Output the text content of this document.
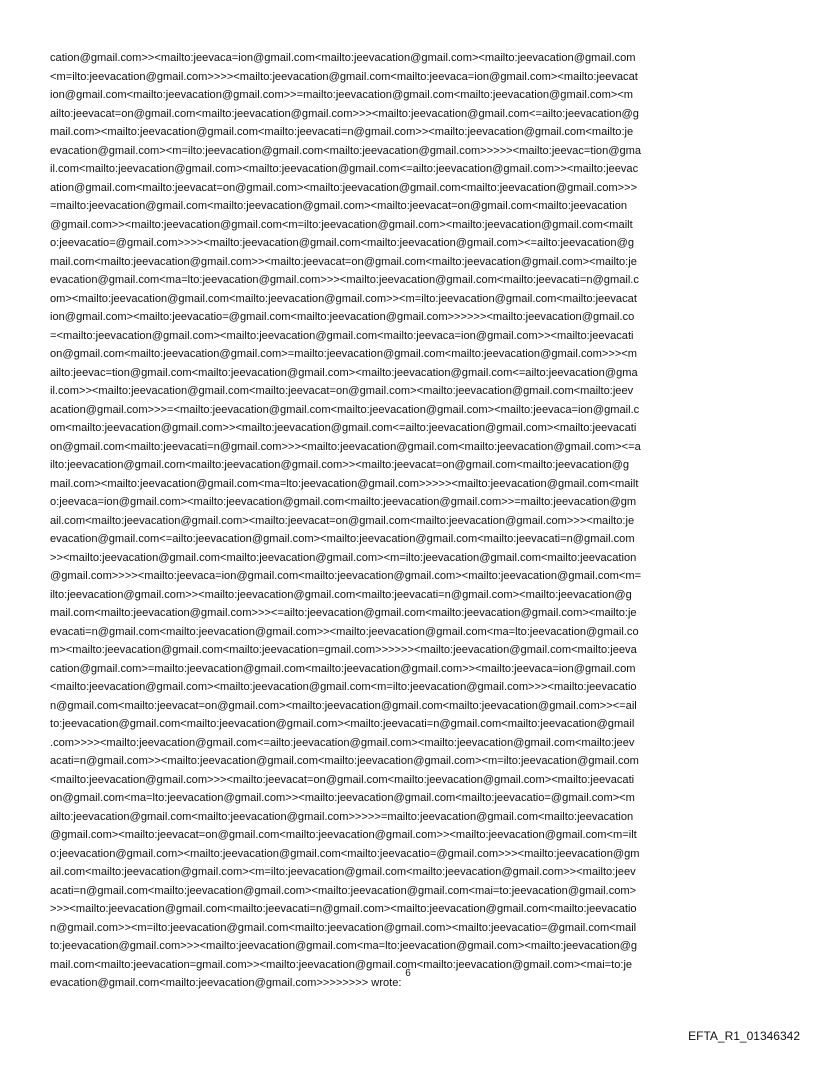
cation@gmail.com>><mailto:jeevaca=ion@gmail.com<mailto:jeevacation@gmail.com><mailto:jeevacation@gmail.com
<m=ilto:jeevacation@gmail.com>>>><mailto:jeevacation@gmail.com<mailto:jeevaca=ion@gmail.com><mailto:jeevacat
ion@gmail.com<mailto:jeevacation@gmail.com>>=mailto:jeevacation@gmail.com<mailto:jeevacation@gmail.com><m
ailto:jeevacat=on@gmail.com<mailto:jeevacation@gmail.com>>><mailto:jeevacation@gmail.com<=ailto:jeevacation@g
mail.com><mailto:jeevacation@gmail.com<mailto:jeevacati=n@gmail.com>><mailto:jeevacation@gmail.com<mailto:je
evacation@gmail.com><m=ilto:jeevacation@gmail.com<mailto:jeevacation@gmail.com>>>>><mailto:jeevac=tion@gma
il.com<mailto:jeevacation@gmail.com><mailto:jeevacation@gmail.com<=ailto:jeevacation@gmail.com>><mailto:jeevac
ation@gmail.com<mailto:jeevacat=on@gmail.com><mailto:jeevacation@gmail.com<mailto:jeevacation@gmail.com>>>
=mailto:jeevacation@gmail.com<mailto:jeevacation@gmail.com><mailto:jeevacat=on@gmail.com<mailto:jeevacation
@gmail.com>><mailto:jeevacation@gmail.com<m=ilto:jeevacation@gmail.com><mailto:jeevacation@gmail.com<mailt
o:jeevacatio=@gmail.com>>>><mailto:jeevacation@gmail.com<mailto:jeevacation@gmail.com><=ailto:jeevacation@g
mail.com<mailto:jeevacation@gmail.com>><mailto:jeevacat=on@gmail.com<mailto:jeevacation@gmail.com><mailto:je
evacation@gmail.com<ma=lto:jeevacation@gmail.com>>><mailto:jeevacation@gmail.com<mailto:jeevacati=n@gmail.c
om><mailto:jeevacation@gmail.com<mailto:jeevacation@gmail.com>><m=ilto:jeevacation@gmail.com<mailto:jeevacat
ion@gmail.com><mailto:jeevacatio=@gmail.com<mailto:jeevacation@gmail.com>>>>>><mailto:jeevacation@gmail.co
=<mailto:jeevacation@gmail.com><mailto:jeevacation@gmail.com<mailto:jeevaca=ion@gmail.com>><mailto:jeevacati
on@gmail.com<mailto:jeevacation@gmail.com>=mailto:jeevacation@gmail.com<mailto:jeevacation@gmail.com>>><m
ailto:jeevac=tion@gmail.com<mailto:jeevacation@gmail.com><mailto:jeevacation@gmail.com<=ailto:jeevacation@gma
il.com>><mailto:jeevacation@gmail.com<mailto:jeevacat=on@gmail.com><mailto:jeevacation@gmail.com<mailto:jeev
acation@gmail.com>>>=<mailto:jeevacation@gmail.com<mailto:jeevacation@gmail.com><mailto:jeevaca=ion@gmail.c
om<mailto:jeevacation@gmail.com>><mailto:jeevacation@gmail.com<=ailto:jeevacation@gmail.com><mailto:jeevacati
on@gmail.com<mailto:jeevacati=n@gmail.com>>><mailto:jeevacation@gmail.com<mailto:jeevacation@gmail.com><=a
ilto:jeevacation@gmail.com<mailto:jeevacation@gmail.com>><mailto:jeevacat=on@gmail.com<mailto:jeevacation@g
mail.com><mailto:jeevacation@gmail.com<ma=lto:jeevacation@gmail.com>>>>><mailto:jeevacation@gmail.com<mailt
o:jeevaca=ion@gmail.com><mailto:jeevacation@gmail.com<mailto:jeevacation@gmail.com>>=mailto:jeevacation@gm
ail.com<mailto:jeevacation@gmail.com><mailto:jeevacat=on@gmail.com<mailto:jeevacation@gmail.com>>><mailto:je
evacation@gmail.com<=ailto:jeevacation@gmail.com><mailto:jeevacation@gmail.com<mailto:jeevacati=n@gmail.com
>><mailto:jeevacation@gmail.com<mailto:jeevacation@gmail.com><m=ilto:jeevacation@gmail.com<mailto:jeevacation
@gmail.com>>>><mailto:jeevaca=ion@gmail.com<mailto:jeevacation@gmail.com><mailto:jeevacation@gmail.com<m=
ilto:jeevacation@gmail.com>><mailto:jeevacation@gmail.com<mailto:jeevacati=n@gmail.com><mailto:jeevacation@g
mail.com<mailto:jeevacation@gmail.com>>><=ailto:jeevacation@gmail.com<mailto:jeevacation@gmail.com><mailto:je
evacati=n@gmail.com<mailto:jeevacation@gmail.com>><mailto:jeevacation@gmail.com<ma=lto:jeevacation@gmail.co
m><mailto:jeevacation@gmail.com<mailto:jeevacation=gmail.com>>>>>><mailto:jeevacation@gmail.com<mailto:jeeva
cation@gmail.com>=mailto:jeevacation@gmail.com<mailto:jeevacation@gmail.com>><mailto:jeevaca=ion@gmail.com
<mailto:jeevacation@gmail.com><mailto:jeevacation@gmail.com<m=ilto:jeevacation@gmail.com>>><mailto:jeevacatio
n@gmail.com<mailto:jeevacat=on@gmail.com><mailto:jeevacation@gmail.com<mailto:jeevacation@gmail.com>><=ail
to:jeevacation@gmail.com<mailto:jeevacation@gmail.com><mailto:jeevacati=n@gmail.com<mailto:jeevacation@gmail
.com>>>><mailto:jeevacation@gmail.com<=ailto:jeevacation@gmail.com><mailto:jeevacation@gmail.com<mailto:jeev
acati=n@gmail.com>><mailto:jeevacation@gmail.com<mailto:jeevacation@gmail.com><m=ilto:jeevacation@gmail.com
<mailto:jeevacation@gmail.com>>><mailto:jeevacat=on@gmail.com<mailto:jeevacation@gmail.com><mailto:jeevacati
on@gmail.com<ma=lto:jeevacation@gmail.com>><mailto:jeevacation@gmail.com<mailto:jeevacatio=@gmail.com><m
ailto:jeevacation@gmail.com<mailto:jeevacation@gmail.com>>>>>=mailto:jeevacation@gmail.com<mailto:jeevacation
@gmail.com><mailto:jeevacat=on@gmail.com<mailto:jeevacation@gmail.com>><mailto:jeevacation@gmail.com<m=ilt
o:jeevacation@gmail.com><mailto:jeevacation@gmail.com<mailto:jeevacatio=@gmail.com>>><mailto:jeevacation@gm
ail.com<mailto:jeevacation@gmail.com><m=ilto:jeevacation@gmail.com<mailto:jeevacation@gmail.com>><mailto:jeev
acati=n@gmail.com<mailto:jeevacation@gmail.com><mailto:jeevacation@gmail.com<mai=to:jeevacation@gmail.com>
>>><mailto:jeevacation@gmail.com<mailto:jeevacati=n@gmail.com><mailto:jeevacation@gmail.com<mailto:jeevacatio
n@gmail.com>><m=ilto:jeevacation@gmail.com<mailto:jeevacation@gmail.com><mailto:jeevacatio=@gmail.com<mail
to:jeevacation@gmail.com>>><mailto:jeevacation@gmail.com<ma=lto:jeevacation@gmail.com><mailto:jeevacation@g
mail.com<mailto:jeevacation=gmail.com>><mailto:jeevacation@gmail.com<mailto:jeevacation@gmail.com><mai=to:je
evacation@gmail.com<mailto:jeevacation@gmail.com>>>>>>>> wrote:
6
EFTA_R1_01346342
